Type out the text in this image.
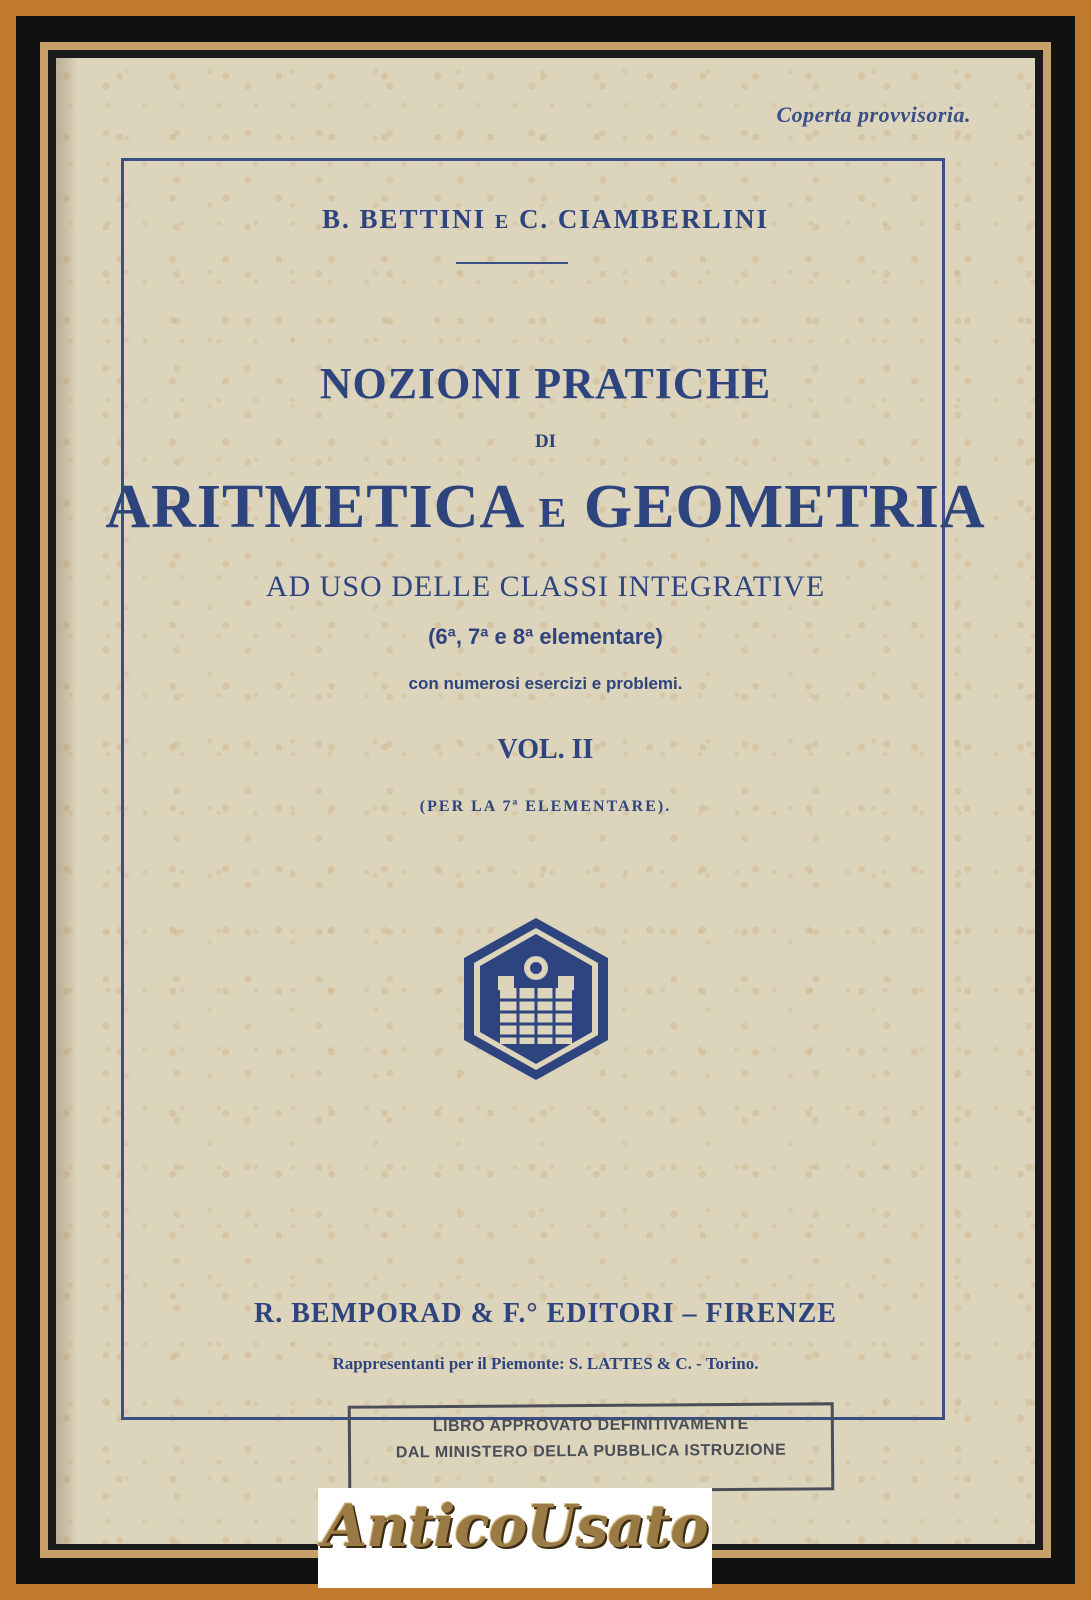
Coperta provvisoria.
B. BETTINI E C. CIAMBERLINI
NOZIONI PRATICHE
DI
ARITMETICA E GEOMETRIA
AD USO DELLE CLASSI INTEGRATIVE
(6ª, 7ª e 8ª elementare)
con numerosi esercizi e problemi.
VOL. II
(PER LA 7ª ELEMENTARE).
R. BEMPORAD & F.° EDITORI – FIRENZE
Rappresentanti per il Piemonte: S. LATTES & C. - Torino.
LIBRO APPROVATO DEFINITIVAMENTE
DAL MINISTERO DELLA PUBBLICA ISTRUZIONE
AnticoUsato
